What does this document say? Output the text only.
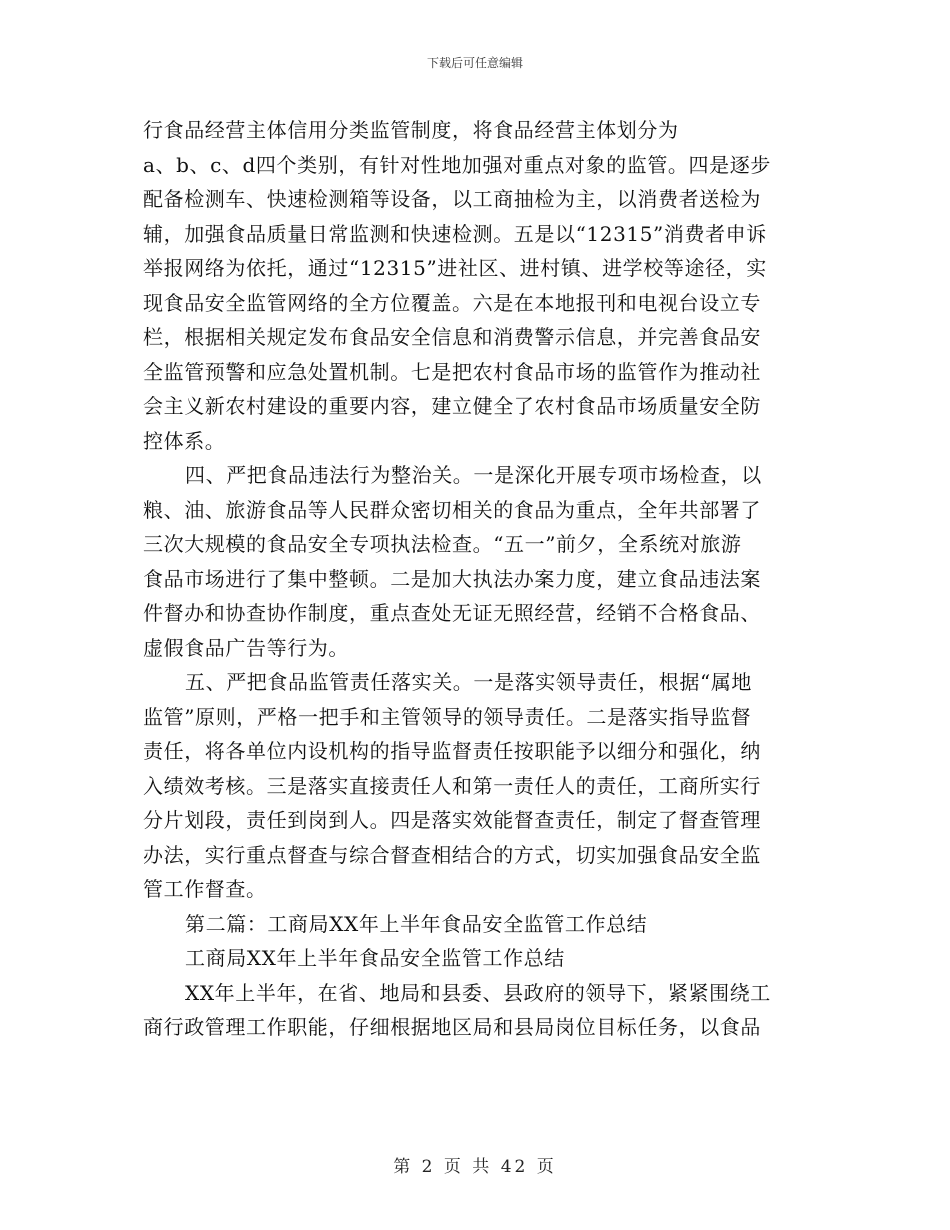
下载后可任意编辑
行食品经营主体信用分类监管制度，将食品经营主体划分为
a、b、c、d四个类别，有针对性地加强对重点对象的监管。四是逐步
配备检测车、快速检测箱等设备，以工商抽检为主，以消费者送检为
辅，加强食品质量日常监测和快速检测。五是以“12315”消费者申诉
举报网络为依托，通过“12315”进社区、进村镇、进学校等途径，实
现食品安全监管网络的全方位覆盖。六是在本地报刊和电视台设立专
栏，根据相关规定发布食品安全信息和消费警示信息，并完善食品安
全监管预警和应急处置机制。七是把农村食品市场的监管作为推动社
会主义新农村建设的重要内容，建立健全了农村食品市场质量安全防
控体系。
四、严把食品违法行为整治关。一是深化开展专项市场检查，以
粮、油、旅游食品等人民群众密切相关的食品为重点，全年共部署了
三次大规模的食品安全专项执法检查。“五一”前夕，全系统对旅游
食品市场进行了集中整顿。二是加大执法办案力度，建立食品违法案
件督办和协查协作制度，重点查处无证无照经营，经销不合格食品、
虚假食品广告等行为。
五、严把食品监管责任落实关。一是落实领导责任，根据“属地
监管”原则，严格一把手和主管领导的领导责任。二是落实指导监督
责任，将各单位内设机构的指导监督责任按职能予以细分和强化，纳
入绩效考核。三是落实直接责任人和第一责任人的责任，工商所实行
分片划段，责任到岗到人。四是落实效能督查责任，制定了督查管理
办法，实行重点督查与综合督查相结合的方式，切实加强食品安全监
管工作督查。
第二篇：工商局XX年上半年食品安全监管工作总结
工商局XX年上半年食品安全监管工作总结
XX年上半年，在省、地局和县委、县政府的领导下，紧紧围绕工
商行政管理工作职能，仔细根据地区局和县局岗位目标任务，以食品
第 2 页 共 42 页
